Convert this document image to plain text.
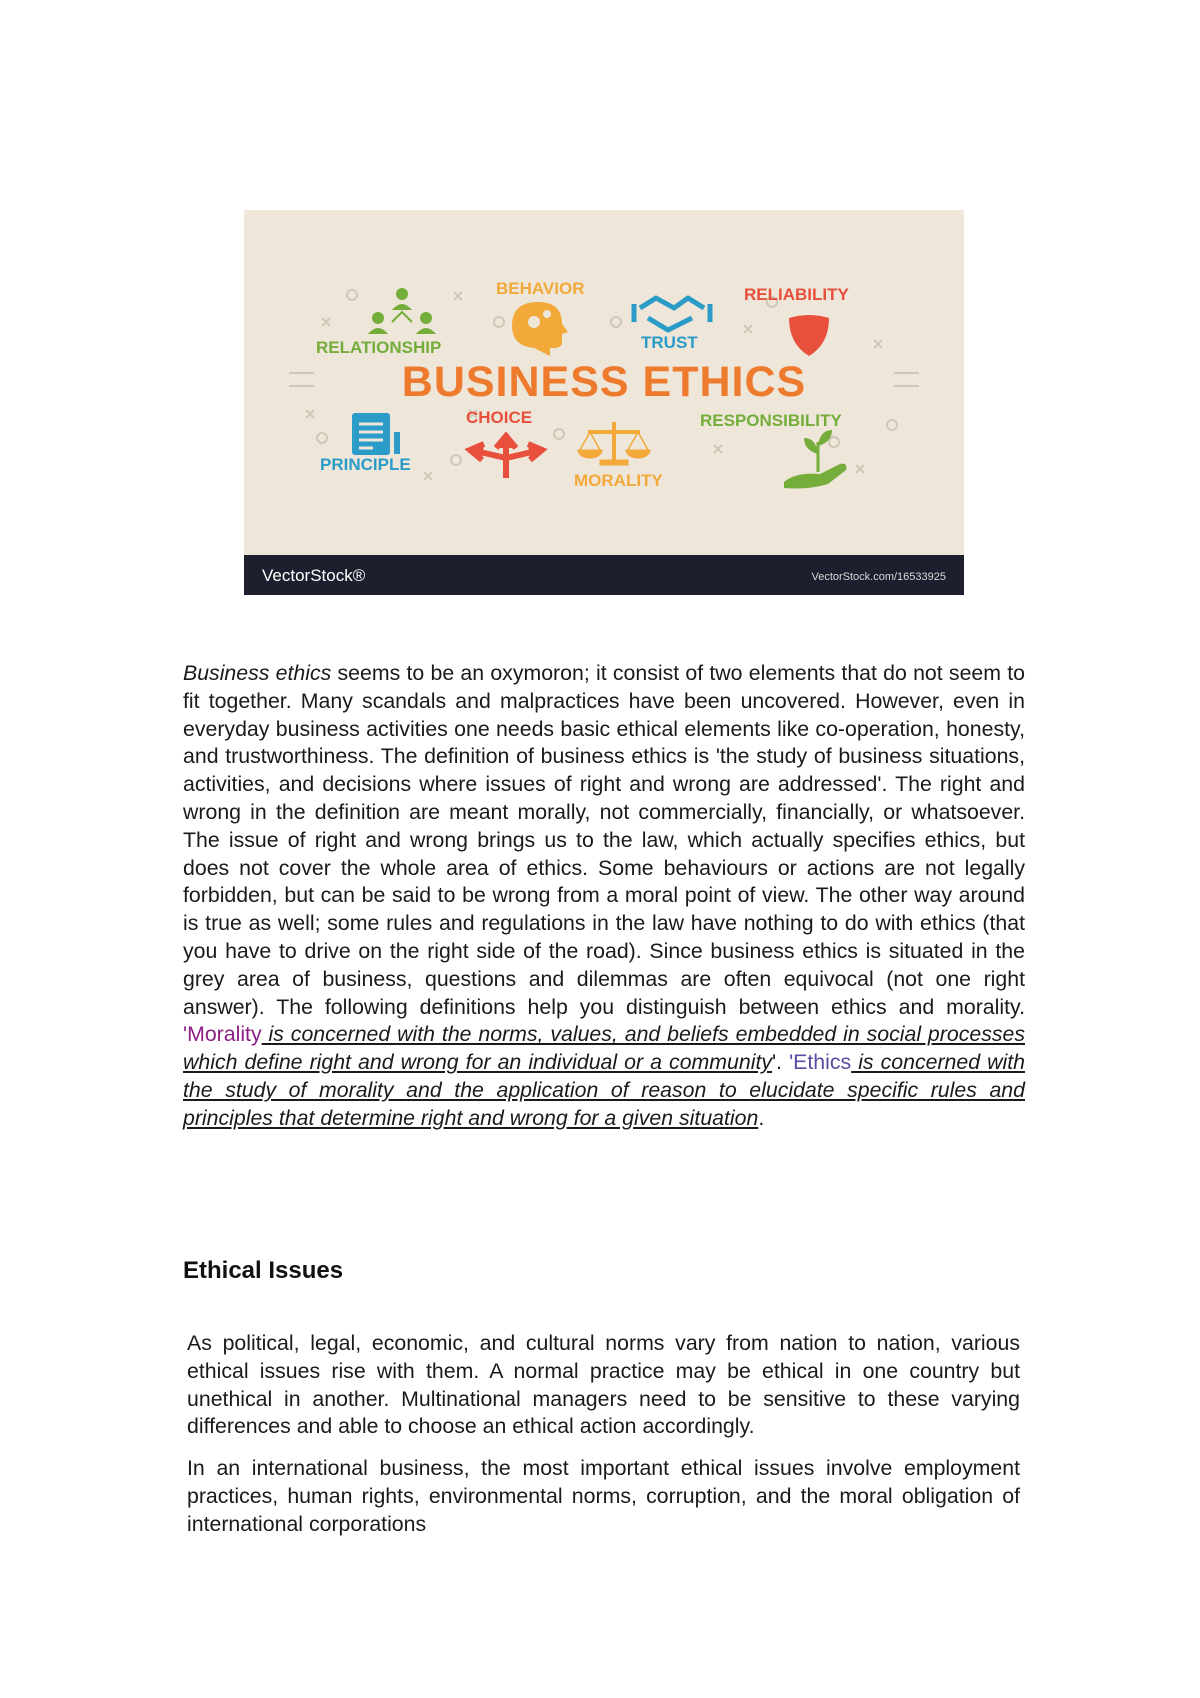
RELATIONSHIP
BEHAVIOR
TRUST
RELIABILITY
BUSINESS ETHICS
PRINCIPLE
CHOICE
MORALITY
RESPONSIBILITY
VectorStock®	VectorStock.com/16533925

Business ethics seems to be an oxymoron; it consist of two elements that do not seem to fit together. Many scandals and malpractices have been uncovered. However, even in everyday business activities one needs basic ethical elements like co-operation, honesty, and trustworthiness. The definition of business ethics is 'the study of business situations, activities, and decisions where issues of right and wrong are addressed'. The right and wrong in the definition are meant morally, not commercially, financially, or whatsoever. The issue of right and wrong brings us to the law, which actually specifies ethics, but does not cover the whole area of ethics. Some behaviours or actions are not legally forbidden, but can be said to be wrong from a moral point of view. The other way around is true as well; some rules and regulations in the law have nothing to do with ethics (that you have to drive on the right side of the road). Since business ethics is situated in the grey area of business, questions and dilemmas are often equivocal (not one right answer). The following definitions help you distinguish between ethics and morality. 'Morality is concerned with the norms, values, and beliefs embedded in social processes which define right and wrong for an individual or a community'. 'Ethics is concerned with the study of morality and the application of reason to elucidate specific rules and principles that determine right and wrong for a given situation.

Ethical Issues

As political, legal, economic, and cultural norms vary from nation to nation, various ethical issues rise with them. A normal practice may be ethical in one country but unethical in another. Multinational managers need to be sensitive to these varying differences and able to choose an ethical action accordingly.

In an international business, the most important ethical issues involve employment practices, human rights, environmental norms, corruption, and the moral obligation of international corporations
